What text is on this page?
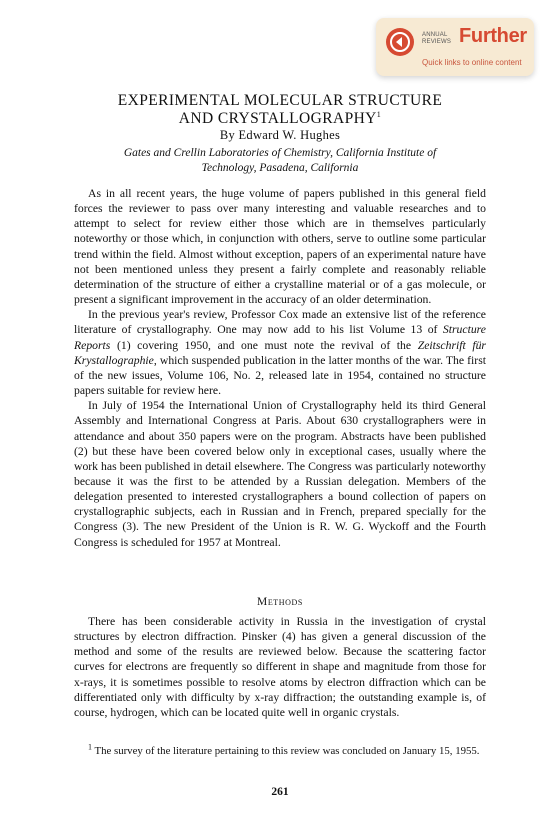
ANNUAL
REVIEWS Further
Quick links to online content
EXPERIMENTAL MOLECULAR STRUCTURE
AND CRYSTALLOGRAPHY$^1$
By Edward W. Hughes
Gates and Crellin Laboratories of Chemistry, California Institute of
Technology, Pasadena, California

As in all recent years, the huge volume of papers published in this general field forces the reviewer to pass over many interesting and valuable researches and to attempt to select for review either those which are in themselves particularly noteworthy or those which, in conjunction with others, serve to outline some particular trend within the field. Almost without exception, papers of an experimental nature have not been mentioned unless they present a fairly complete and reasonably reliable determination of the structure of either a crystalline material or of a gas molecule, or present a significant improvement in the accuracy of an older determination.

In the previous year's review, Professor Cox made an extensive list of the reference literature of crystallography. One may now add to his list Volume 13 of Structure Reports (1) covering 1950, and one must note the revival of the Zeitschrift für Krystallographie, which suspended publication in the latter months of the war. The first of the new issues, Volume 106, No. 2, released late in 1954, contained no structure papers suitable for review here.

In July of 1954 the International Union of Crystallography held its third General Assembly and International Congress at Paris. About 630 crystallographers were in attendance and about 350 papers were on the program. Abstracts have been published (2) but these have been covered below only in exceptional cases, usually where the work has been published in detail elsewhere. The Congress was particularly noteworthy because it was the first to be attended by a Russian delegation. Members of the delegation presented to interested crystallographers a bound collection of papers on crystallographic subjects, each in Russian and in French, prepared specially for the Congress (3). The new President of the Union is R. W. G. Wyckoff and the Fourth Congress is scheduled for 1957 at Montreal.

Methods

There has been considerable activity in Russia in the investigation of crystal structures by electron diffraction. Pinsker (4) has given a general discussion of the method and some of the results are reviewed below. Because the scattering factor curves for electrons are frequently so different in shape and magnitude from those for x-rays, it is sometimes possible to resolve atoms by electron diffraction which can be differentiated only with difficulty by x-ray diffraction; the outstanding example is, of course, hydrogen, which can be located quite well in organic crystals.

$^1$ The survey of the literature pertaining to this review was concluded on January 15, 1955.

261
